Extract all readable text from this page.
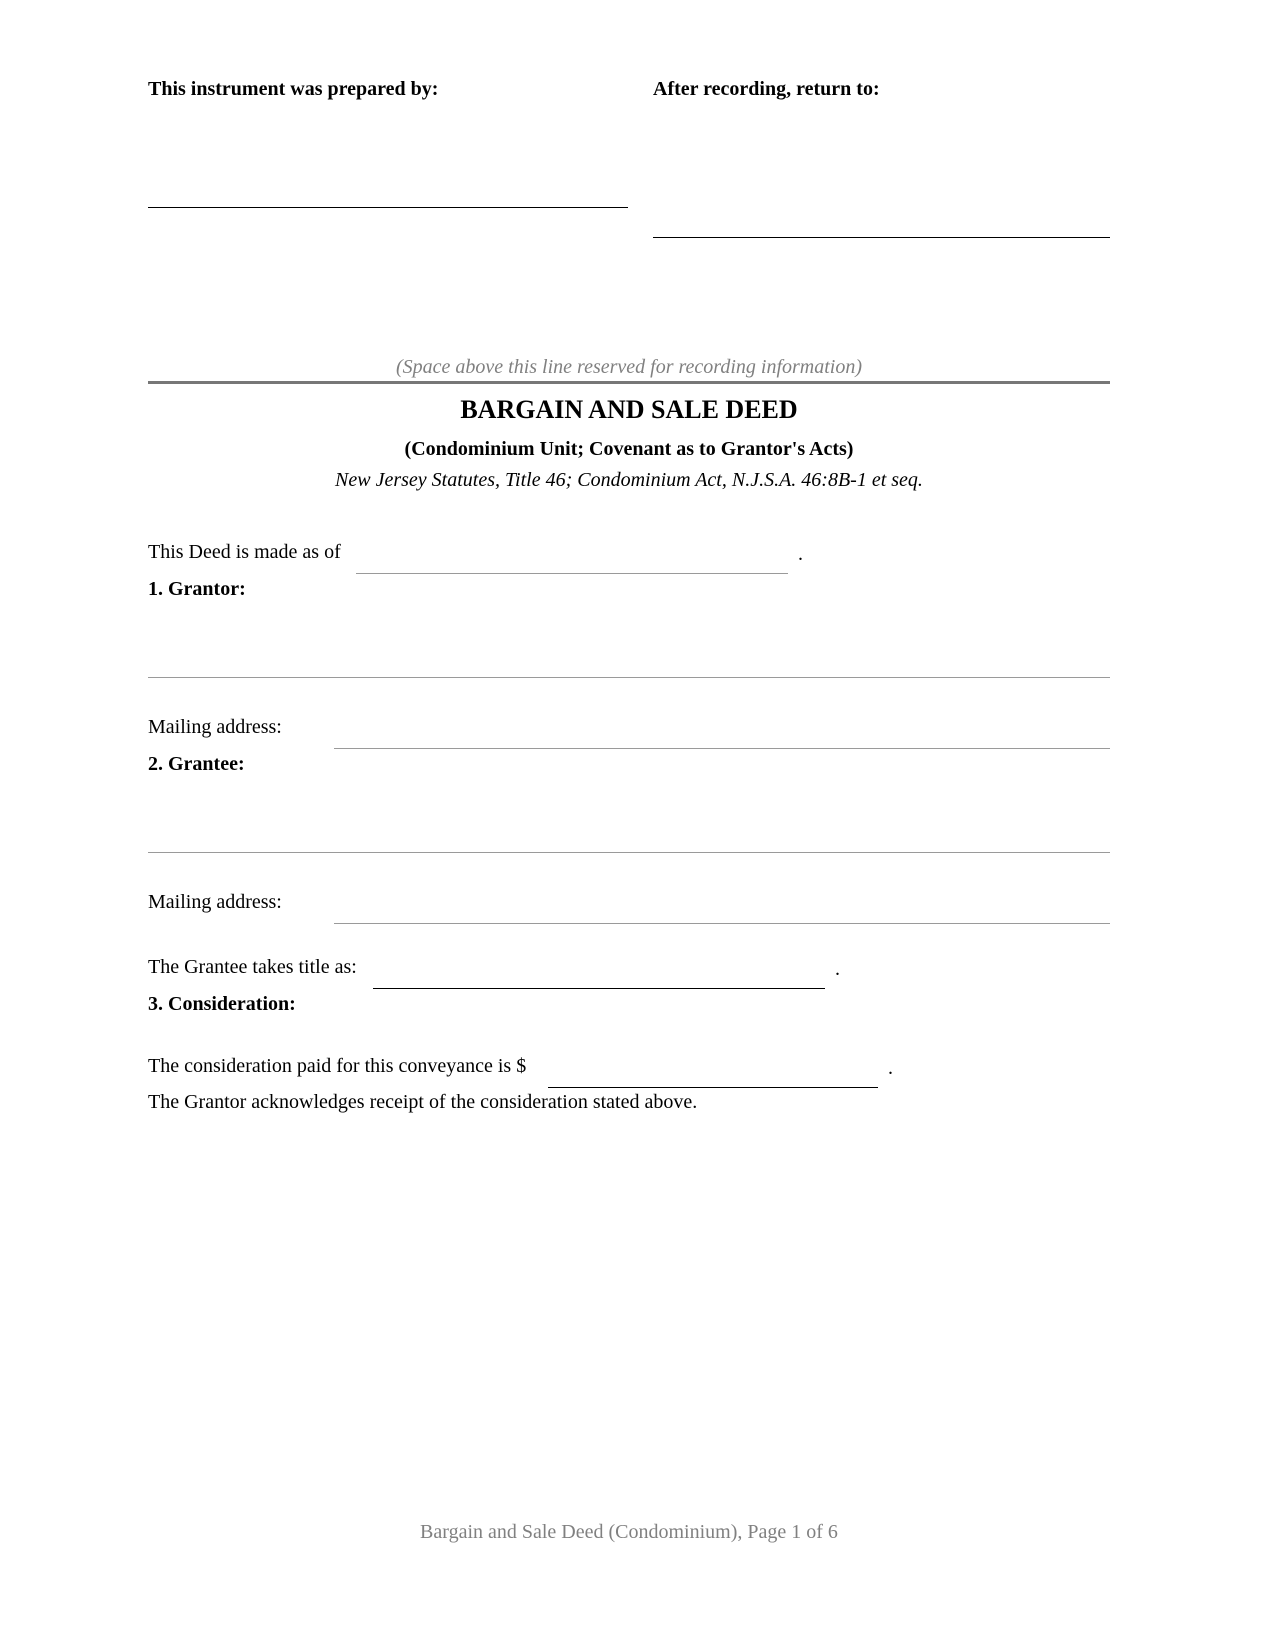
This instrument was prepared by:	After recording, return to:
(Space above this line reserved for recording information)
BARGAIN AND SALE DEED
(Condominium Unit; Covenant as to Grantor's Acts)
New Jersey Statutes, Title 46; Condominium Act, N.J.S.A. 46:8B-1 et seq.
This Deed is made as of	.
1. Grantor:
Mailing address:
2. Grantee:
Mailing address:
The Grantee takes title as:	.
3. Consideration:
The consideration paid for this conveyance is $	.
The Grantor acknowledges receipt of the consideration stated above.
Bargain and Sale Deed (Condominium), Page 1 of 6
